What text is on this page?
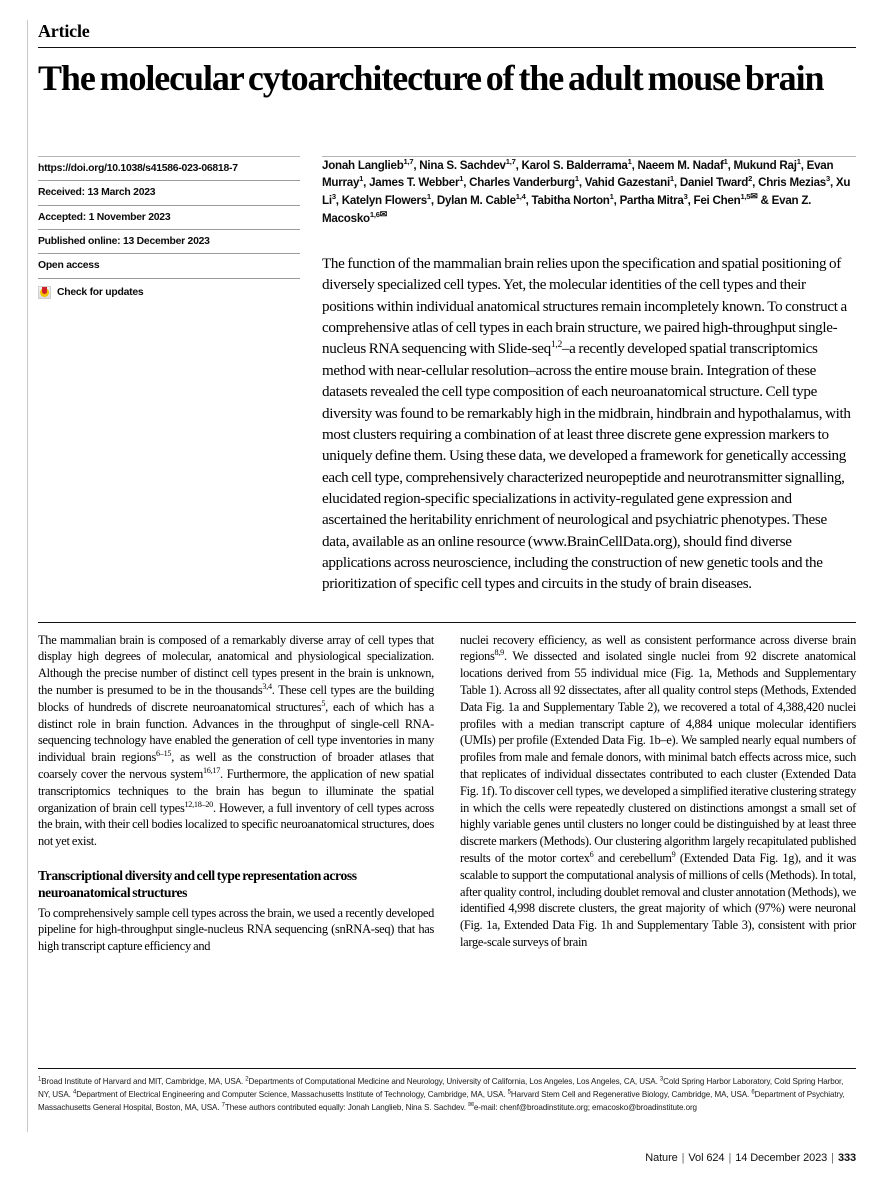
Article
The molecular cytoarchitecture of the adult mouse brain
https://doi.org/10.1038/s41586-023-06818-7
Received: 13 March 2023
Accepted: 1 November 2023
Published online: 13 December 2023
Open access
Check for updates
Jonah Langlieb$^{1,7}$, Nina S. Sachdev$^{1,7}$, Karol S. Balderrama$^1$, Naeem M. Nadaf$^1$, Mukund Raj$^1$, Evan Murray$^1$, James T. Webber$^1$, Charles Vanderburg$^1$, Vahid Gazestani$^1$, Daniel Tward$^2$, Chris Mezias$^3$, Xu Li$^3$, Katelyn Flowers$^1$, Dylan M. Cable$^{1,4}$, Tabitha Norton$^1$, Partha Mitra$^3$, Fei Chen$^{1,5✉}$ & Evan Z. Macosko$^{1,6✉}$
The function of the mammalian brain relies upon the specification and spatial positioning of diversely specialized cell types. Yet, the molecular identities of the cell types and their positions within individual anatomical structures remain incompletely known. To construct a comprehensive atlas of cell types in each brain structure, we paired high-throughput single-nucleus RNA sequencing with Slide-seq$^{1,2}$–a recently developed spatial transcriptomics method with near-cellular resolution–across the entire mouse brain. Integration of these datasets revealed the cell type composition of each neuroanatomical structure. Cell type diversity was found to be remarkably high in the midbrain, hindbrain and hypothalamus, with most clusters requiring a combination of at least three discrete gene expression markers to uniquely define them. Using these data, we developed a framework for genetically accessing each cell type, comprehensively characterized neuropeptide and neurotransmitter signalling, elucidated region-specific specializations in activity-regulated gene expression and ascertained the heritability enrichment of neurological and psychiatric phenotypes. These data, available as an online resource (www.BrainCellData.org), should find diverse applications across neuroscience, including the construction of new genetic tools and the prioritization of specific cell types and circuits in the study of brain diseases.

The mammalian brain is composed of a remarkably diverse array of cell types that display high degrees of molecular, anatomical and physiological specialization. Although the precise number of distinct cell types present in the brain is unknown, the number is presumed to be in the thousands$^{3,4}$. These cell types are the building blocks of hundreds of discrete neuroanatomical structures$^5$, each of which has a distinct role in brain function. Advances in the throughput of single-cell RNA-sequencing technology have enabled the generation of cell type inventories in many individual brain regions$^{6-15}$, as well as the construction of broader atlases that coarsely cover the nervous system$^{16,17}$. Furthermore, the application of new spatial transcriptomics techniques to the brain has begun to illuminate the spatial organization of brain cell types$^{12,18-20}$. However, a full inventory of cell types across the brain, with their cell bodies localized to specific neuroanatomical structures, does not yet exist.

Transcriptional diversity and cell type representation across neuroanatomical structures

To comprehensively sample cell types across the brain, we used a recently developed pipeline for high-throughput single-nucleus RNA sequencing (snRNA-seq) that has high transcript capture efficiency and

nuclei recovery efficiency, as well as consistent performance across diverse brain regions$^{8,9}$. We dissected and isolated single nuclei from 92 discrete anatomical locations derived from 55 individual mice (Fig. 1a, Methods and Supplementary Table 1). Across all 92 dissectates, after all quality control steps (Methods, Extended Data Fig. 1a and Supplementary Table 2), we recovered a total of 4,388,420 nuclei profiles with a median transcript capture of 4,884 unique molecular identifiers (UMIs) per profile (Extended Data Fig. 1b–e). We sampled nearly equal numbers of profiles from male and female donors, with minimal batch effects across mice, such that replicates of individual dissectates contributed to each cluster (Extended Data Fig. 1f). To discover cell types, we developed a simplified iterative clustering strategy in which the cells were repeatedly clustered on distinctions amongst a small set of highly variable genes until clusters no longer could be distinguished by at least three discrete markers (Methods). Our clustering algorithm largely recapitulated published results of the motor cortex$^6$ and cerebellum$^9$ (Extended Data Fig. 1g), and it was scalable to support the computational analysis of millions of cells (Methods). In total, after quality control, including doublet removal and cluster annotation (Methods), we identified 4,998 discrete clusters, the great majority of which (97%) were neuronal (Fig. 1a, Extended Data Fig. 1h and Supplementary Table 3), consistent with prior large-scale surveys of brain

$^1$Broad Institute of Harvard and MIT, Cambridge, MA, USA. $^2$Departments of Computational Medicine and Neurology, University of California, Los Angeles, Los Angeles, CA, USA. $^3$Cold Spring Harbor Laboratory, Cold Spring Harbor, NY, USA. $^4$Department of Electrical Engineering and Computer Science, Massachusetts Institute of Technology, Cambridge, MA, USA. $^5$Harvard Stem Cell and Regenerative Biology, Cambridge, MA, USA. $^6$Department of Psychiatry, Massachusetts General Hospital, Boston, MA, USA. $^7$These authors contributed equally: Jonah Langlieb, Nina S. Sachdev. ✉e-mail: chenf@broadinstitute.org; emacosko@broadinstitute.org
Nature | Vol 624 | 14 December 2023 | 333
